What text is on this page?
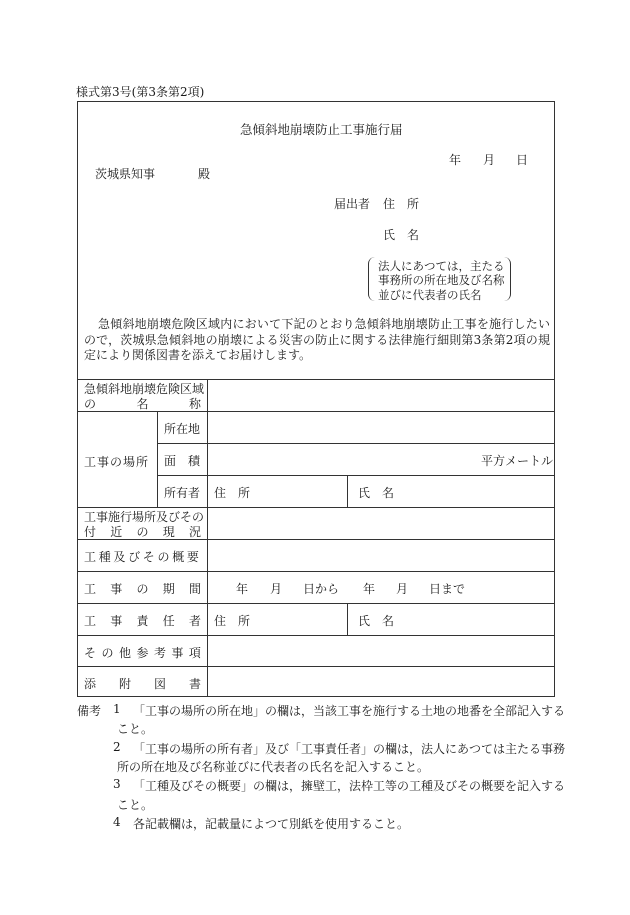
様式第3号(第3条第2項)
急傾斜地崩壊防止工事施行届
年 月 日
茨城県知事	殿
届出者 住　所
氏　名
法人にあつては，主たる
事務所の所在地及び名称
並びに代表者の氏名
急傾斜地崩壊危険区域内において下記のとおり急傾斜地崩壊防止工事を施行したいので，茨城県急傾斜地の崩壊による災害の防止に関する法律施行細則第3条第2項の規定により関係図書を添えてお届けします。
急傾斜地崩壊危険区域
の	名	称
工事の場所
所在地
面　積	平方メートル
所有者 住　所	氏　名
工事施行場所及びその
付 近 の 現 況
工種及びその概要
工 事 の 期 間	年 月 日から 年 月 日まで
工 事 責 任 者 住　所	氏　名
そ の 他 参 考 事 項
添 附 図 書
備考 1 「工事の場所の所在地」の欄は，当該工事を施行する土地の地番を全部記入する
こと。
2 「工事の場所の所有者」及び「工事責任者」の欄は，法人にあつては主たる事務
所の所在地及び名称並びに代表者の氏名を記入すること。
3 「工種及びその概要」の欄は，擁壁工，法枠工等の工種及びその概要を記入する
こと。
4 各記載欄は，記載量によつて別紙を使用すること。
